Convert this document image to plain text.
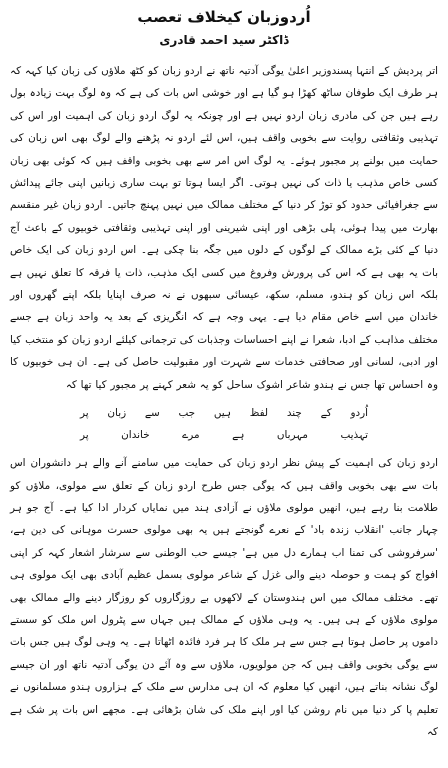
اُردوزبان کیخلاف تعصب
ڈاکٹر سید احمد قادری

اتر پردیش کے انتہا پسندوزیر اعلیٰ یوگی آدتیہ ناتھ نے اردو زبان کو کٹھ ملاؤں کی زبان کیا کہہ کہ ہر طرف ایک طوفان ساٹھ کھڑا ہو گیا ہے اور خوشی اس بات کی ہے کہ وہ لوگ بہت زیادہ بول رہے ہیں جن کی مادری زبان اردو نہیں ہے اور چونکہ یہ لوگ اردو زبان کی اہمیت اور اس کی تہذیبی وثقافتی روایت سے بخوبی واقف ہیں، اس لئے اردو نہ پڑھنے والے لوگ بھی اس زبان کی حمایت میں بولنے پر مجبور ہوئے۔ یہ لوگ اس امر سے بھی بخوبی واقف ہیں کہ کوئی بھی زبان کسی خاص مذہب یا ذات کی نہیں ہوتی۔ اگر ایسا ہوتا تو بہت ساری زبانیں اپنی جائے پیدائش سے جغرافیائی حدود کو توڑ کر دنیا کے مختلف ممالک میں نہیں پہنچ جاتیں۔ اردو زبان غیر منقسم بھارت میں پیدا ہوئی، پلی بڑھی اور اپنی شیرینی اور اپنی تہذیبی وثقافتی خوبیوں کے باعث آج دنیا کے کئی بڑے ممالک کے لوگوں کے دلوں میں جگہ بنا چکی ہے۔ اس اردو زبان کی ایک خاص بات یہ بھی ہے کہ اس کی پرورش وفروغ میں کسی ایک مذہب، ذات یا فرقہ کا تعلق نہیں ہے بلکہ اس زبان کو ہندو، مسلم، سکھ، عیسائی سبھوں نے نہ صرف اپنایا بلکہ اپنے گھروں اور خاندان میں اسے خاص مقام دیا ہے۔ یہی وجہ ہے کہ انگریزی کے بعد یہ واحد زبان ہے جسے مختلف مذاہب کے ادبا، شعرا نے اپنے احساسات وجذبات کی ترجمانی کیلئے اردو زبان کو منتخب کیا اور ادبی، لسانی اور صحافتی خدمات سے شہرت اور مقبولیت حاصل کی ہے۔ ان ہی خوبیوں کا وہ احساس تھا جس نے ہندو شاعر اشوک ساحل کو یہ شعر کہنے پر مجبور کیا تھا کہ

اُردو کے چند لفظ ہیں جب سے زبان پر
تہذیب مہرباں ہے مرے خاندان پر

اردو زبان کی اہمیت کے پیش نظر اردو زبان کی حمایت میں سامنے آنے والے ہر دانشوران اس بات سے بھی بخوبی واقف ہیں کہ یوگی جس طرح اردو زبان کے تعلق سے مولوی، ملاؤں کو طلامت بنا رہے ہیں، انھیں مولوی ملاؤں نے آزادی ہند میں نمایاں کردار ادا کیا ہے۔ آج جو ہر چہار جانب 'انقلاب زندہ باد' کے نعرے گونجتے ہیں یہ بھی مولوی حسرت موہانی کی دین ہے، 'سرفروشی کی تمنا اب ہمارے دل میں ہے' جیسے حب الوطنی سے سرشار اشعار کہہ کر اپنی افواج کو ہمت و حوصلہ دینے والی غزل کے شاعر مولوی بسمل عظیم آبادی بھی ایک مولوی ہی تھے۔ مختلف ممالک میں اس ہندوستان کے لاکھوں بے روزگاروں کو روزگار دینے والے ممالک بھی مولوی ملاؤں کے ہی ہیں۔ یہ وہی ملاؤں کے ممالک ہیں جہاں سے پٹرول اس ملک کو سستے داموں پر حاصل ہوتا ہے جس سے ہر ملک کا ہر فرد فائدہ اٹھاتا ہے۔ یہ وہی لوگ ہیں جس بات سے یوگی بخوبی واقف ہیں کہ جن مولویوں، ملاؤں سے وہ آئے دن یوگی آدتیہ ناتھ اور ان جیسے لوگ نشانہ بناتے ہیں، انھیں کیا معلوم کہ ان ہی مدارس سے ملک کے ہزاروں ہندو مسلمانوں نے تعلیم پا کر دنیا میں نام روشن کیا اور اپنے ملک کی شان بڑھائی ہے۔ مجھے اس بات پر شک ہے کہ
